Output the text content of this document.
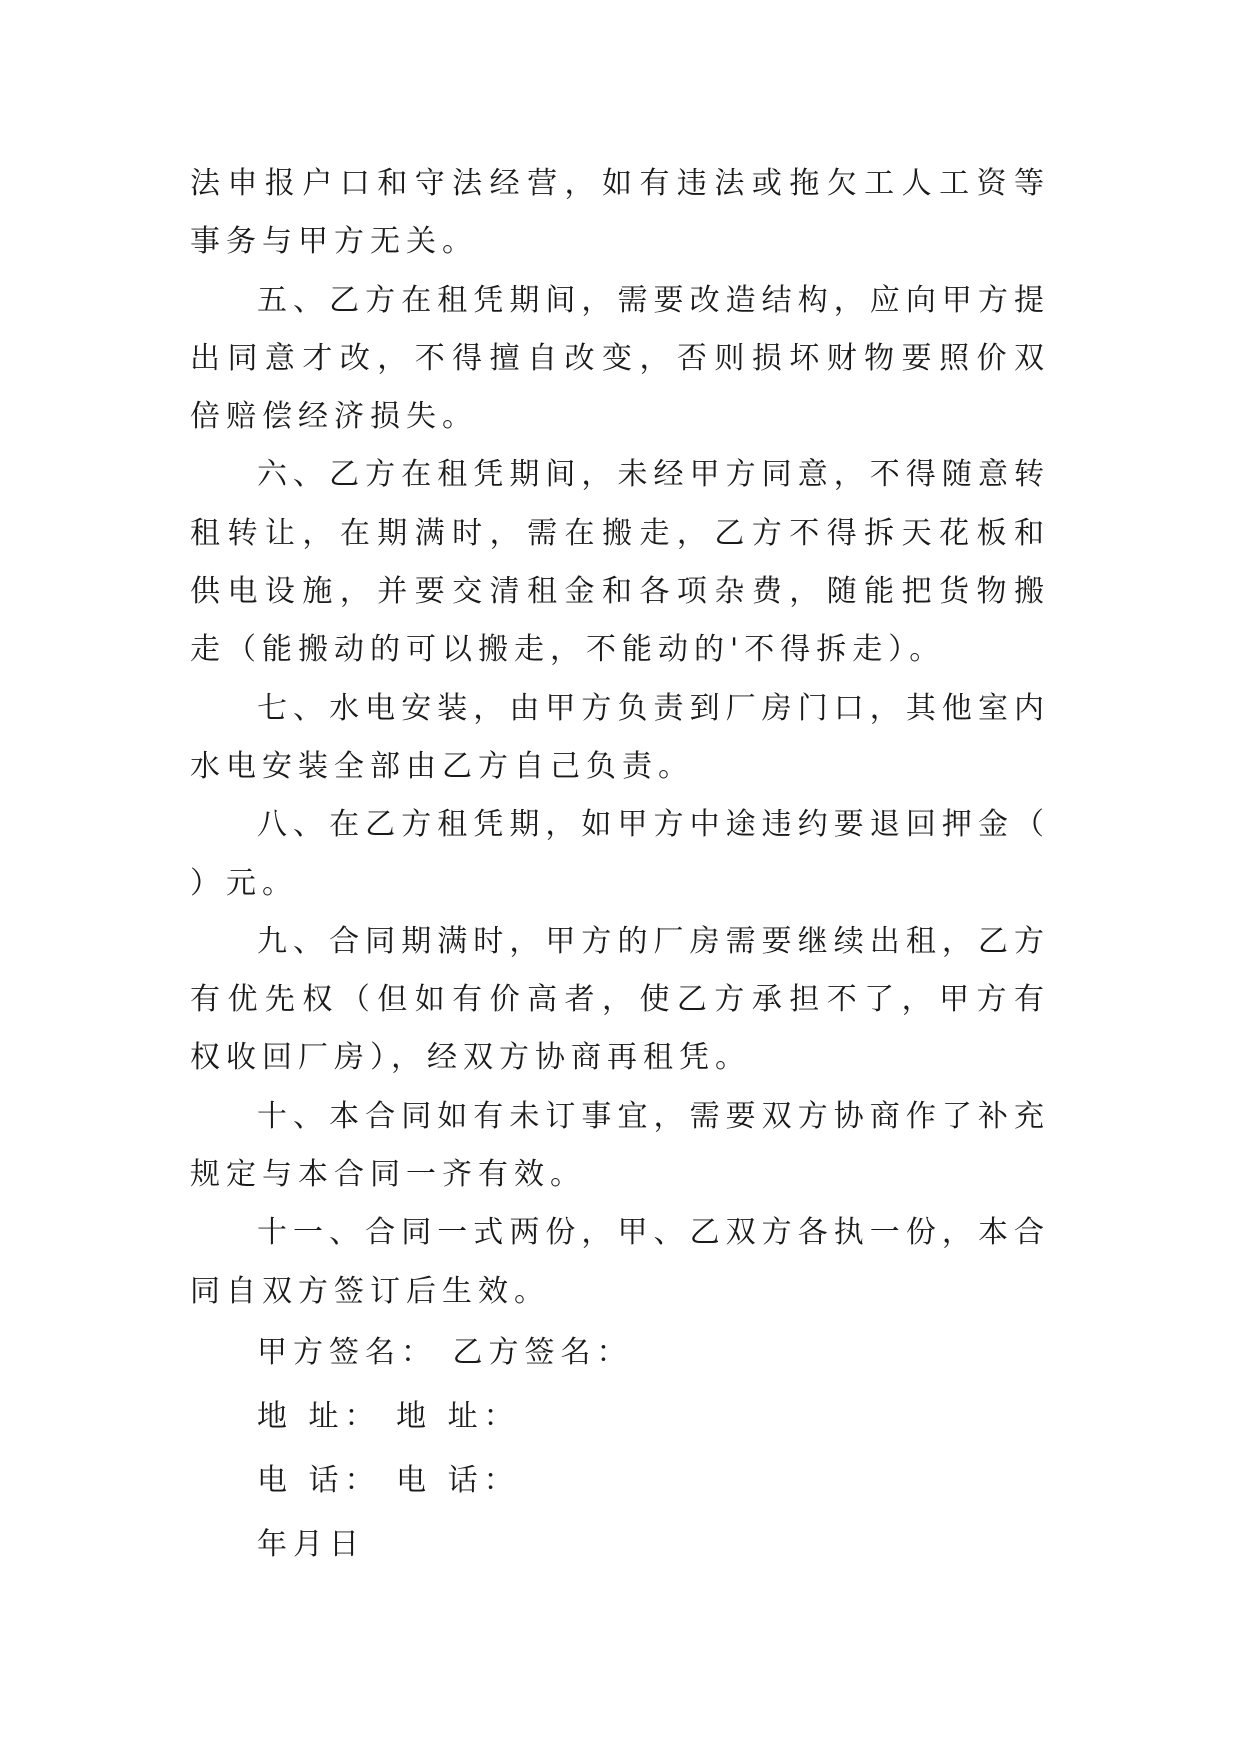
法申报户口和守法经营，如有违法或拖欠工人工资等事务与甲方无关。

五、乙方在租凭期间，需要改造结构，应向甲方提出同意才改，不得擅自改变，否则损坏财物要照价双倍赔偿经济损失。

六、乙方在租凭期间，未经甲方同意，不得随意转租转让，在期满时，需在搬走，乙方不得拆天花板和供电设施，并要交清租金和各项杂费，随能把货物搬走（能搬动的可以搬走，不能动的'不得拆走）。

七、水电安装，由甲方负责到厂房门口，其他室内水电安装全部由乙方自己负责。

八、在乙方租凭期，如甲方中途违约要退回押金（ ）元。

九、合同期满时，甲方的厂房需要继续出租，乙方有优先权（但如有价高者，使乙方承担不了，甲方有权收回厂房），经双方协商再租凭。

十、本合同如有未订事宜，需要双方协商作了补充规定与本合同一齐有效。

十一、合同一式两份，甲、乙双方各执一份，本合同自双方签订后生效。

甲方签名： 乙方签名：

地 址： 地 址：

电 话： 电 话：

年月日
